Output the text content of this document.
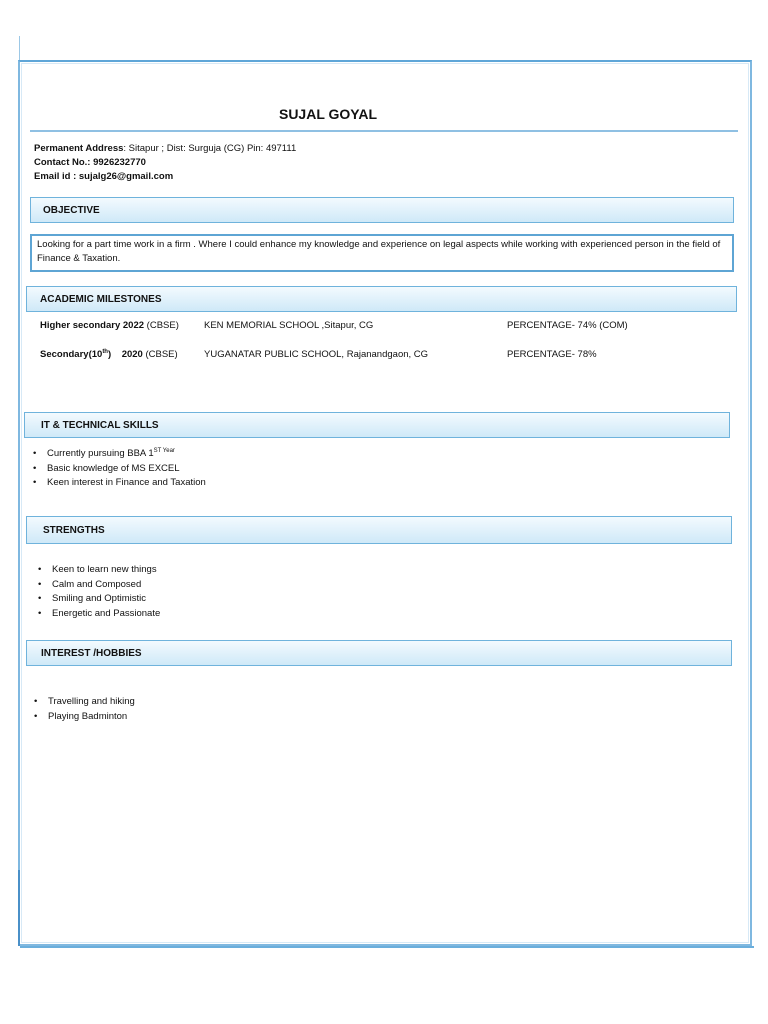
SUJAL GOYAL
Permanent Address: Sitapur ; Dist: Surguja (CG) Pin: 497111
Contact No.: 9926232770
Email id : sujalg26@gmail.com
OBJECTIVE
Looking for a part time work in a firm . Where I could enhance my knowledge and experience on legal aspects while working with experienced person in the field of Finance & Taxation.
ACADEMIC MILESTONES
Higher secondary 2022 (CBSE)	KEN MEMORIAL SCHOOL ,Sitapur, CG	PERCENTAGE- 74% (COM)
Secondary(10th)    2020 (CBSE)	YUGANATAR PUBLIC SCHOOL, Rajanandgaon, CG	PERCENTAGE- 78%
IT & TECHNICAL SKILLS
• Currently pursuing BBA $1^{ST Year}$
• Basic knowledge of MS EXCEL
• Keen interest in Finance and Taxation
STRENGTHS
• Keen to learn new things
• Calm and Composed
• Smiling and Optimistic
• Energetic and Passionate
INTEREST /HOBBIES
• Travelling and hiking
• Playing Badminton
